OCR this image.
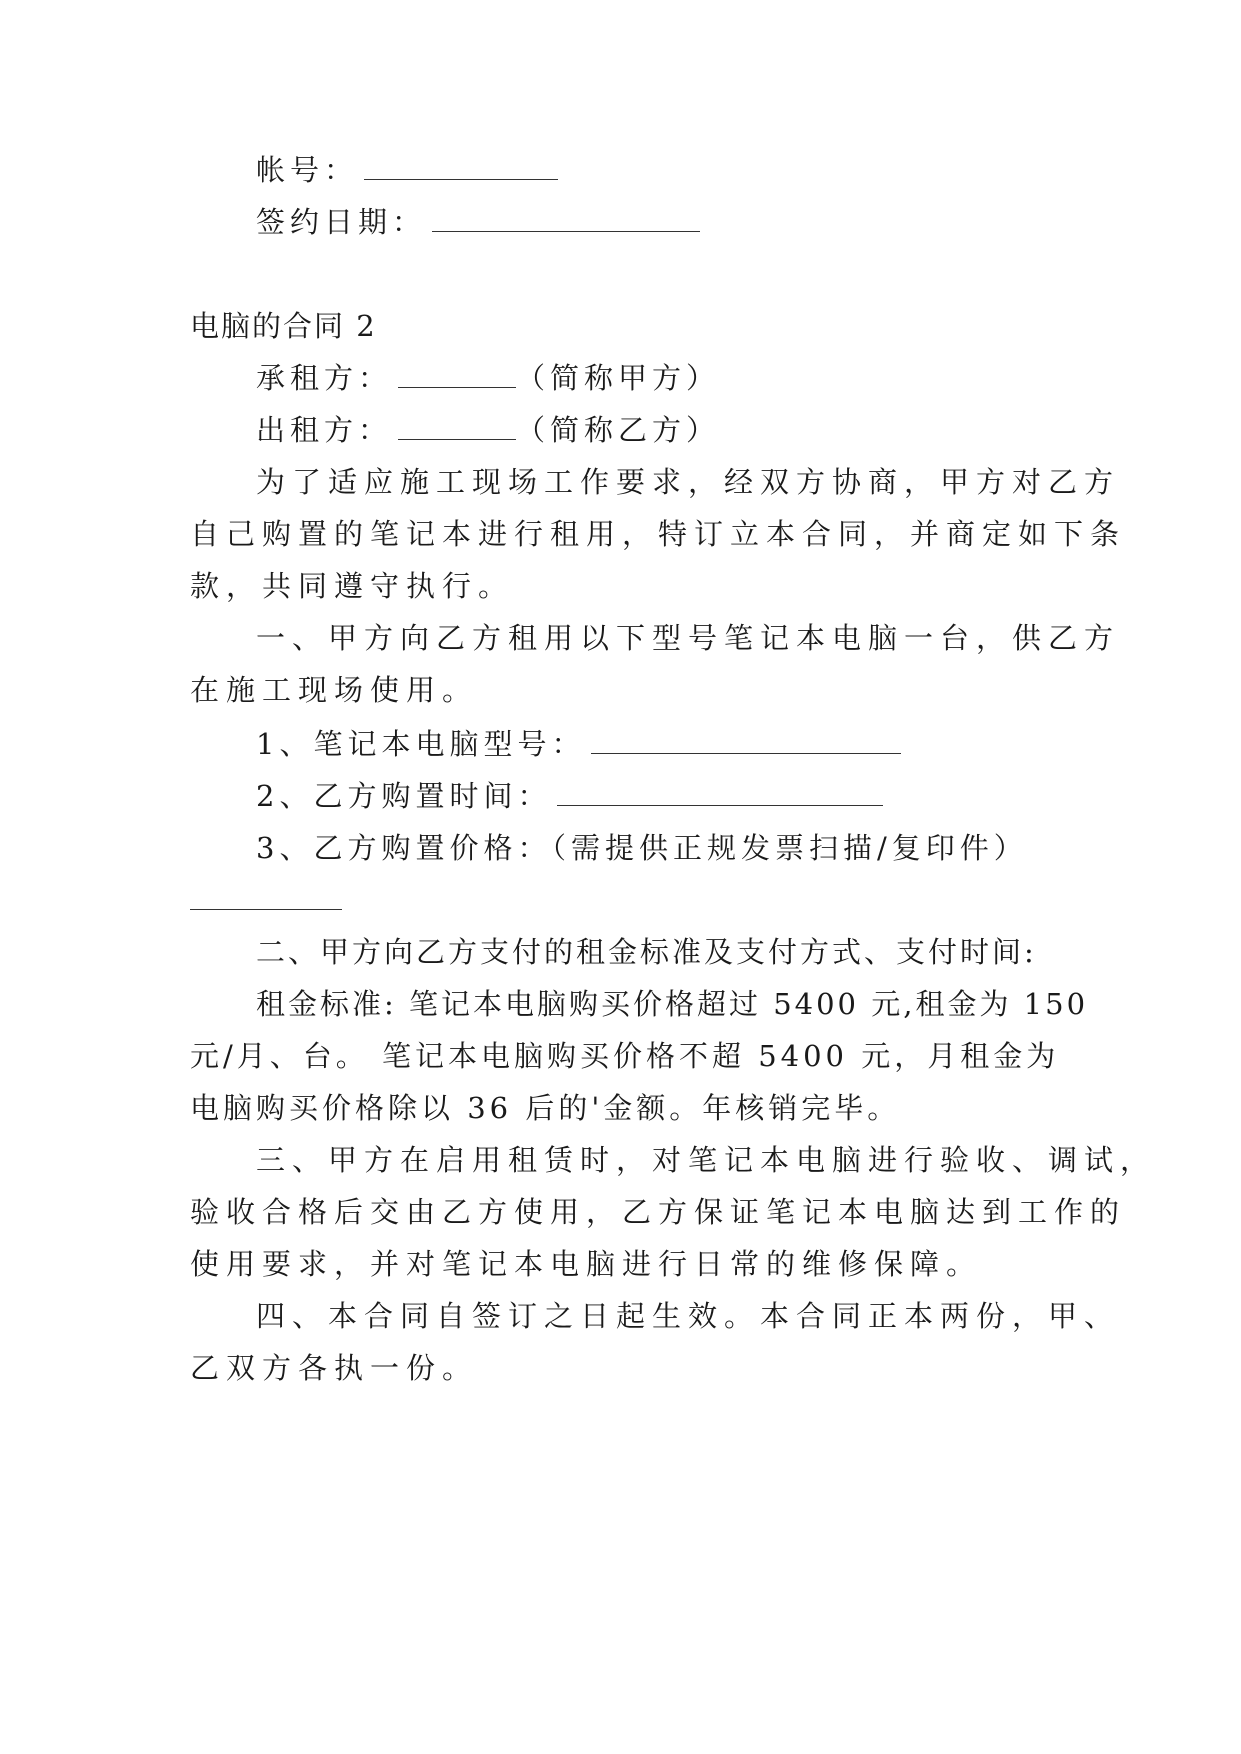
帐号：
签约日期：
电脑的合同 2
承租方：	（简称甲方）
出租方：	（简称乙方）
为了适应施工现场工作要求，经双方协商，甲方对乙方
自己购置的笔记本进行租用，特订立本合同，并商定如下条
款，共同遵守执行。
一、甲方向乙方租用以下型号笔记本电脑一台，供乙方
在施工现场使用。
1、笔记本电脑型号：
2、乙方购置时间：
3、乙方购置价格：（需提供正规发票扫描/复印件）
二、甲方向乙方支付的租金标准及支付方式、支付时间:
租金标准: 笔记本电脑购买价格超过 5400 元,租金为 150
元/月、台。 笔记本电脑购买价格不超 5400 元，月租金为
电脑购买价格除以 36 后的'金额。年核销完毕。
三、甲方在启用租赁时，对笔记本电脑进行验收、调试，
验收合格后交由乙方使用，乙方保证笔记本电脑达到工作的
使用要求，并对笔记本电脑进行日常的维修保障。
四、本合同自签订之日起生效。本合同正本两份，甲、
乙双方各执一份。
